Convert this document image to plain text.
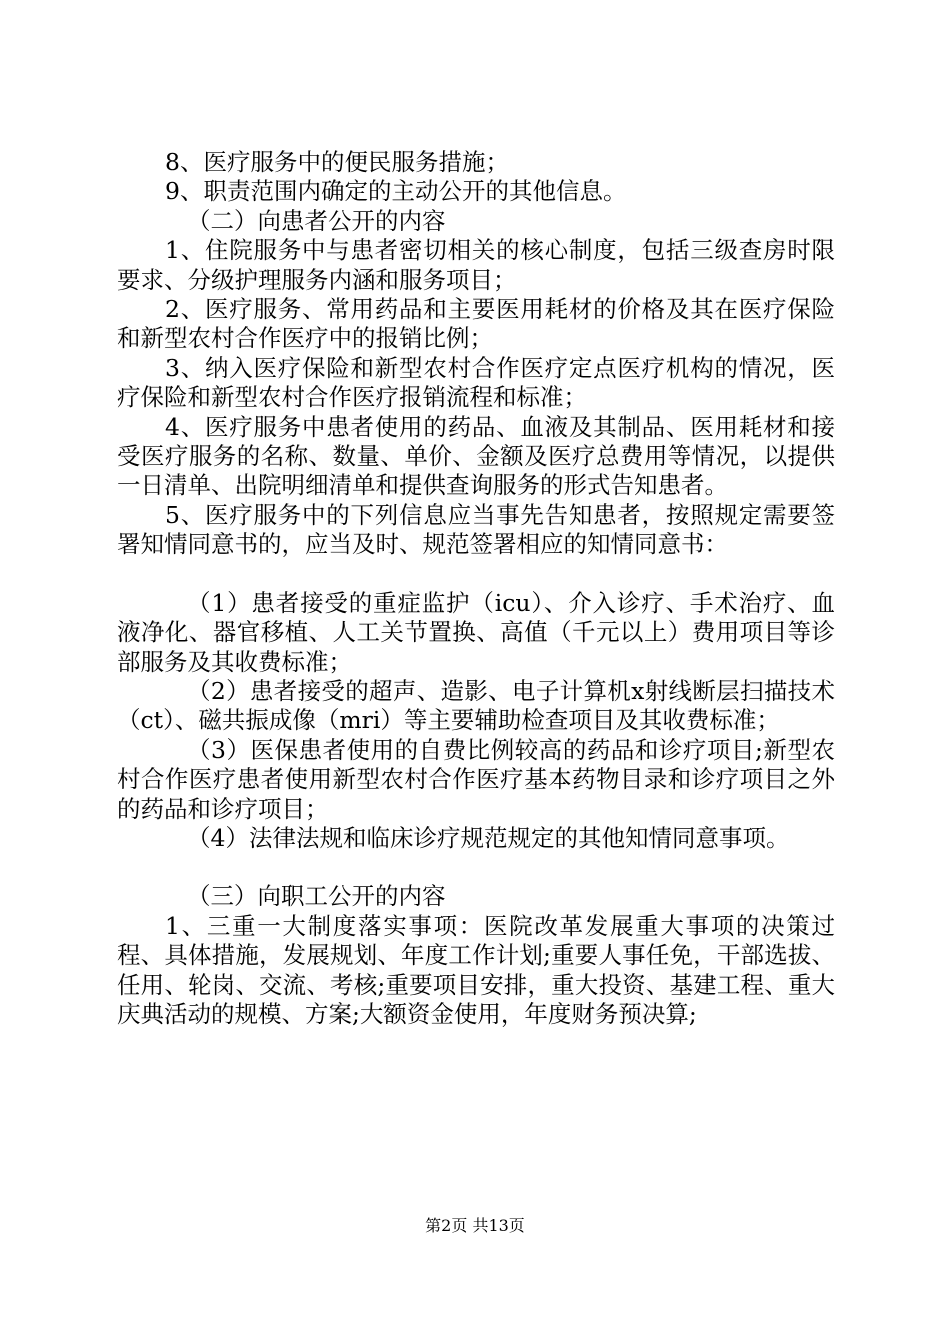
8、医疗服务中的便民服务措施；

9、职责范围内确定的主动公开的其他信息。

（二）向患者公开的内容

1、住院服务中与患者密切相关的核心制度，包括三级查房时限要求、分级护理服务内涵和服务项目；

2、医疗服务、常用药品和主要医用耗材的价格及其在医疗保险和新型农村合作医疗中的报销比例；

3、纳入医疗保险和新型农村合作医疗定点医疗机构的情况，医疗保险和新型农村合作医疗报销流程和标准；

4、医疗服务中患者使用的药品、血液及其制品、医用耗材和接受医疗服务的名称、数量、单价、金额及医疗总费用等情况，以提供一日清单、出院明细清单和提供查询服务的形式告知患者。

5、医疗服务中的下列信息应当事先告知患者，按照规定需要签署知情同意书的，应当及时、规范签署相应的知情同意书：

（1）患者接受的重症监护（icu）、介入诊疗、手术治疗、血液净化、器官移植、人工关节置换、高值（千元以上）费用项目等诊部服务及其收费标准；

（2）患者接受的超声、造影、电子计算机x射线断层扫描技术（ct）、磁共振成像（mri）等主要辅助检查项目及其收费标准；

（3）医保患者使用的自费比例较高的药品和诊疗项目;新型农村合作医疗患者使用新型农村合作医疗基本药物目录和诊疗项目之外的药品和诊疗项目；

（4）法律法规和临床诊疗规范规定的其他知情同意事项。

（三）向职工公开的内容

1、三重一大制度落实事项：医院改革发展重大事项的决策过程、具体措施，发展规划、年度工作计划;重要人事任免，干部选拔、任用、轮岗、交流、考核;重要项目安排，重大投资、基建工程、重大庆典活动的规模、方案;大额资金使用，年度财务预决算;

第2页 共13页
